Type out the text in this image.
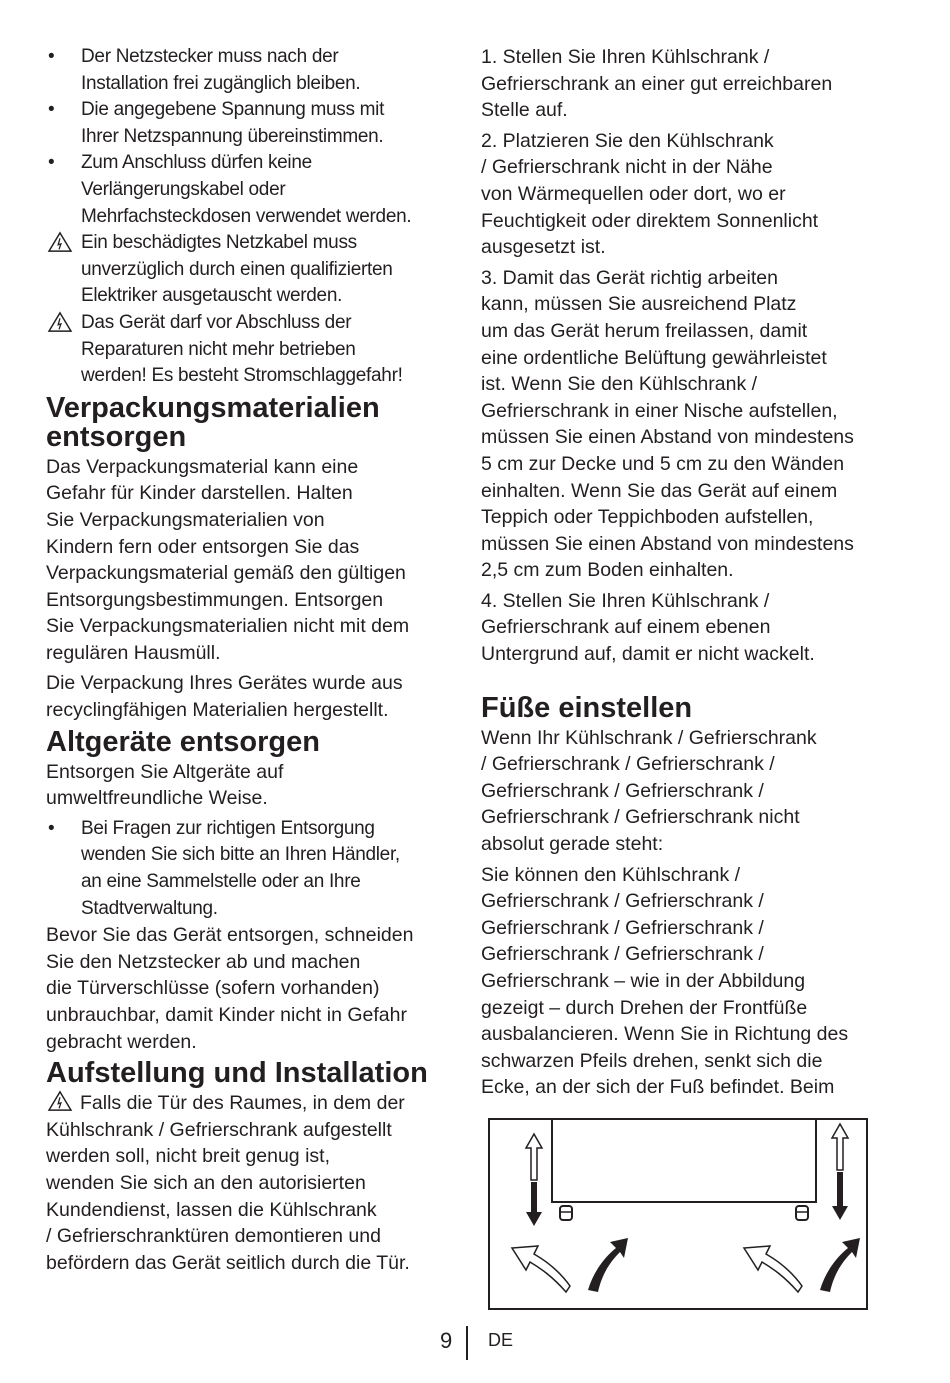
• Der Netzstecker muss nach der
Installation frei zugänglich bleiben.
• Die angegebene Spannung muss mit
Ihrer Netzspannung übereinstimmen.
• Zum Anschluss dürfen keine
Verlängerungskabel oder
Mehrfachsteckdosen verwendet werden.
Ein beschädigtes Netzkabel muss
unverzüglich durch einen qualifizierten
Elektriker ausgetauscht werden.
Das Gerät darf vor Abschluss der
Reparaturen nicht mehr betrieben
werden! Es besteht Stromschlaggefahr!
Verpackungsmaterialien
entsorgen
Das Verpackungsmaterial kann eine
Gefahr für Kinder darstellen. Halten
Sie Verpackungsmaterialien von
Kindern fern oder entsorgen Sie das
Verpackungsmaterial gemäß den gültigen
Entsorgungsbestimmungen. Entsorgen
Sie Verpackungsmaterialien nicht mit dem
regulären Hausmüll.
Die Verpackung Ihres Gerätes wurde aus
recyclingfähigen Materialien hergestellt.
Altgeräte entsorgen
Entsorgen Sie Altgeräte auf
umweltfreundliche Weise.
• Bei Fragen zur richtigen Entsorgung
wenden Sie sich bitte an Ihren Händler,
an eine Sammelstelle oder an Ihre
Stadtverwaltung.
Bevor Sie das Gerät entsorgen, schneiden
Sie den Netzstecker ab und machen
die Türverschlüsse (sofern vorhanden)
unbrauchbar, damit Kinder nicht in Gefahr
gebracht werden.
Aufstellung und Installation
Falls die Tür des Raumes, in dem der
Kühlschrank / Gefrierschrank aufgestellt
werden soll, nicht breit genug ist,
wenden Sie sich an den autorisierten
Kundendienst, lassen die Kühlschrank
/ Gefrierschranktüren demontieren und
befördern das Gerät seitlich durch die Tür.
1. Stellen Sie Ihren Kühlschrank /
Gefrierschrank an einer gut erreichbaren
Stelle auf.
2. Platzieren Sie den Kühlschrank
/ Gefrierschrank nicht in der Nähe
von Wärmequellen oder dort, wo er
Feuchtigkeit oder direktem Sonnenlicht
ausgesetzt ist.
3. Damit das Gerät richtig arbeiten
kann, müssen Sie ausreichend Platz
um das Gerät herum freilassen, damit
eine ordentliche Belüftung gewährleistet
ist. Wenn Sie den Kühlschrank /
Gefrierschrank in einer Nische aufstellen,
müssen Sie einen Abstand von mindestens
5 cm zur Decke und 5 cm zu den Wänden
einhalten. Wenn Sie das Gerät auf einem
Teppich oder Teppichboden aufstellen,
müssen Sie einen Abstand von mindestens
2,5 cm zum Boden einhalten.
4. Stellen Sie Ihren Kühlschrank /
Gefrierschrank auf einem ebenen
Untergrund auf, damit er nicht wackelt.
Füße einstellen
Wenn Ihr Kühlschrank / Gefrierschrank
/ Gefrierschrank / Gefrierschrank /
Gefrierschrank / Gefrierschrank /
Gefrierschrank / Gefrierschrank nicht
absolut gerade steht:
Sie können den Kühlschrank /
Gefrierschrank / Gefrierschrank /
Gefrierschrank / Gefrierschrank /
Gefrierschrank / Gefrierschrank /
Gefrierschrank – wie in der Abbildung
gezeigt – durch Drehen der Frontfüße
ausbalancieren. Wenn Sie in Richtung des
schwarzen Pfeils drehen, senkt sich die
Ecke, an der sich der Fuß befindet. Beim
9 DE
